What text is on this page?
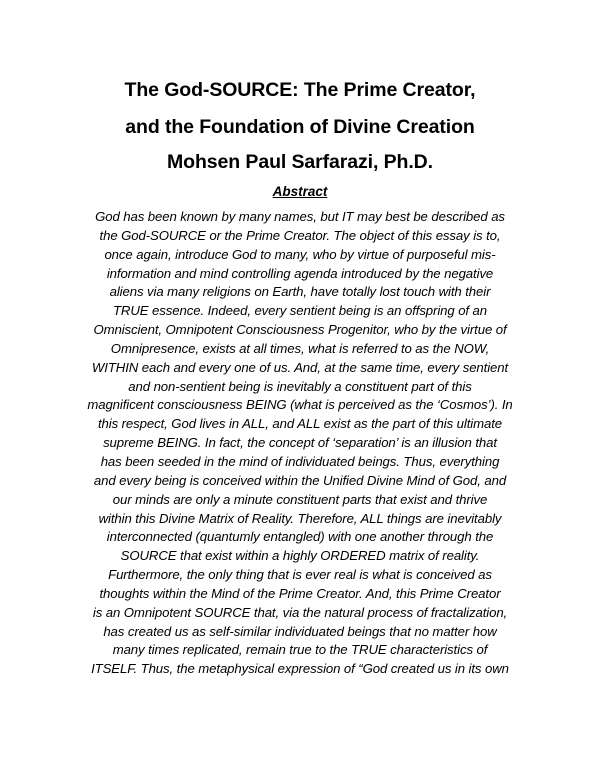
The God-SOURCE: The Prime Creator,
and the Foundation of Divine Creation
Mohsen Paul Sarfarazi, Ph.D.
Abstract
God has been known by many names, but IT may best be described as
the God-SOURCE or the Prime Creator. The object of this essay is to,
once again, introduce God to many, who by virtue of purposeful mis-
information and mind controlling agenda introduced by the negative
aliens via many religions on Earth, have totally lost touch with their
TRUE essence. Indeed, every sentient being is an offspring of an
Omniscient, Omnipotent Consciousness Progenitor, who by the virtue of
Omnipresence, exists at all times, what is referred to as the NOW,
WITHIN each and every one of us. And, at the same time, every sentient
and non-sentient being is inevitably a constituent part of this
magnificent consciousness BEING (what is perceived as the ‘Cosmos’). In
this respect, God lives in ALL, and ALL exist as the part of this ultimate
supreme BEING. In fact, the concept of ‘separation’ is an illusion that
has been seeded in the mind of individuated beings. Thus, everything
and every being is conceived within the Unified Divine Mind of God, and
our minds are only a minute constituent parts that exist and thrive
within this Divine Matrix of Reality. Therefore, ALL things are inevitably
interconnected (quantumly entangled) with one another through the
SOURCE that exist within a highly ORDERED matrix of reality.
Furthermore, the only thing that is ever real is what is conceived as
thoughts within the Mind of the Prime Creator. And, this Prime Creator
is an Omnipotent SOURCE that, via the natural process of fractalization,
has created us as self-similar individuated beings that no matter how
many times replicated, remain true to the TRUE characteristics of
ITSELF. Thus, the metaphysical expression of “God created us in its own
